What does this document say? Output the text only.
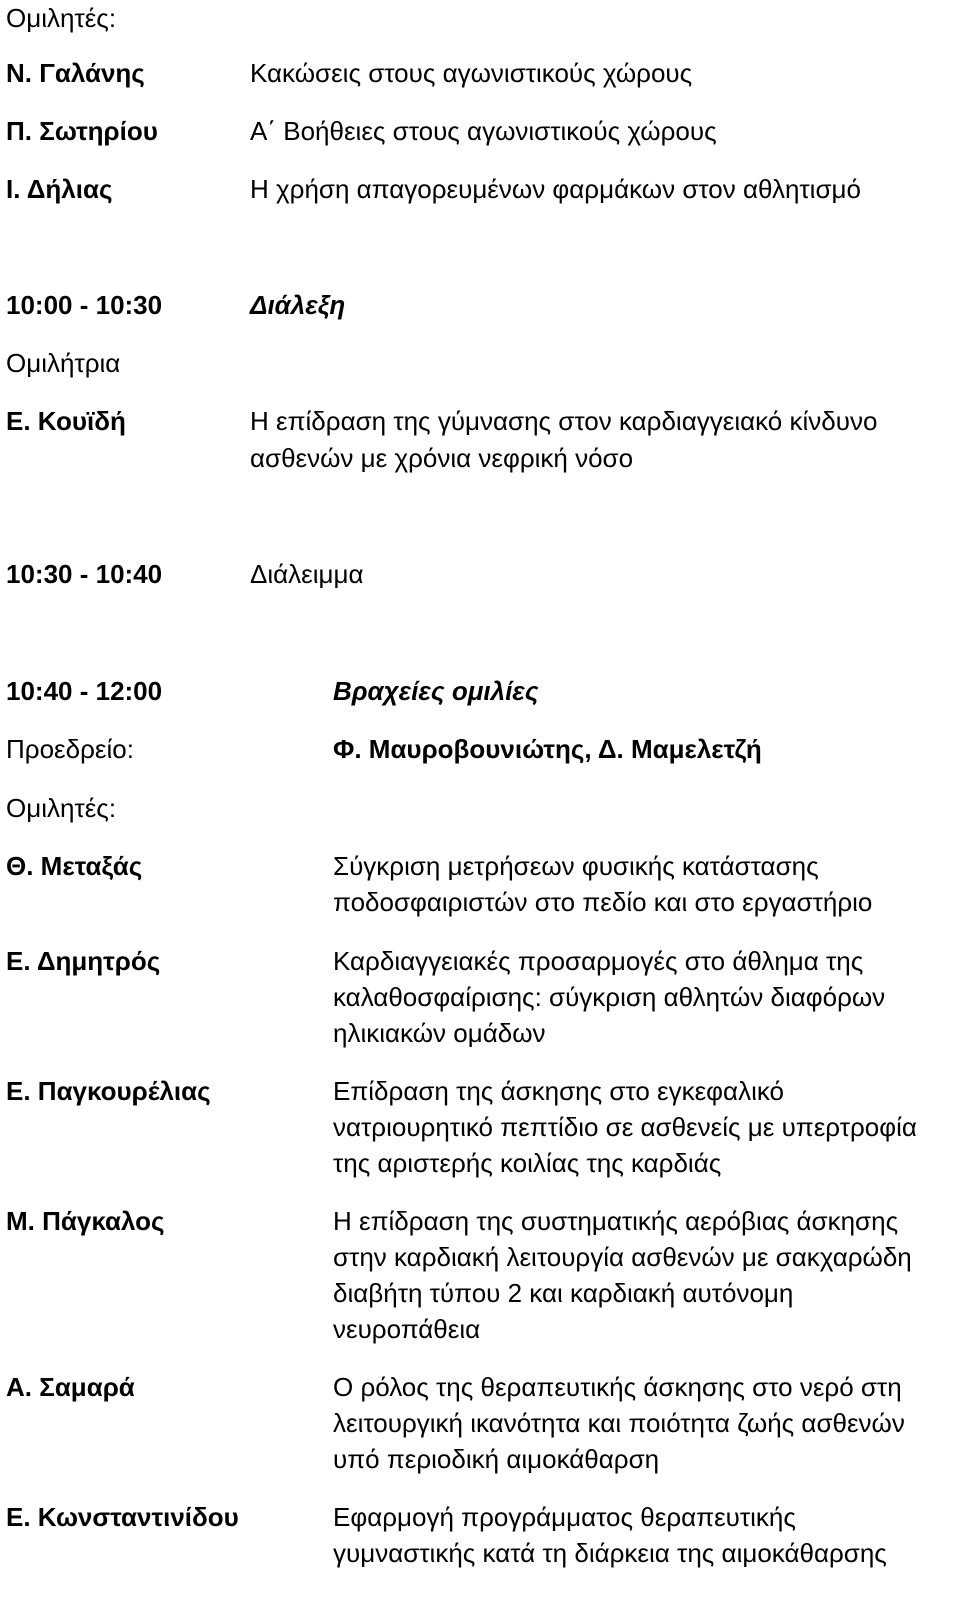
Ομιλητές:
Ν. Γαλάνης	Κακώσεις στους αγωνιστικούς χώρους
Π. Σωτηρίου	Α΄ Βοήθειες στους αγωνιστικούς χώρους
Ι. Δήλιας	Η χρήση απαγορευμένων φαρμάκων στον αθλητισμό
10:00 - 10:30	Διάλεξη
Ομιλήτρια
Ε. Κουϊδή	Η επίδραση της γύμνασης στον καρδιαγγειακό κίνδυνο
ασθενών με χρόνια νεφρική νόσο
10:30 - 10:40	Διάλειμμα
10:40 - 12:00	Βραχείες ομιλίες
Προεδρείο:	Φ. Μαυροβουνιώτης, Δ. Μαμελετζή
Ομιλητές:
Θ. Μεταξάς	Σύγκριση μετρήσεων φυσικής κατάστασης
ποδοσφαιριστών στο πεδίο και στο εργαστήριο
Ε. Δημητρός	Καρδιαγγειακές προσαρμογές στο άθλημα της
καλαθοσφαίρισης: σύγκριση αθλητών διαφόρων
ηλικιακών ομάδων
Ε. Παγκουρέλιας	Επίδραση της άσκησης στο εγκεφαλικό
νατριουρητικό πεπτίδιο σε ασθενείς με υπερτροφία
της αριστερής κοιλίας της καρδιάς
Μ. Πάγκαλος	Η επίδραση της συστηματικής αερόβιας άσκησης
στην καρδιακή λειτουργία ασθενών με σακχαρώδη
διαβήτη τύπου 2 και καρδιακή αυτόνομη
νευροπάθεια
Α. Σαμαρά	Ο ρόλος της θεραπευτικής άσκησης στο νερό στη
λειτουργική ικανότητα και ποιότητα ζωής ασθενών
υπό περιοδική αιμοκάθαρση
Ε. Κωνσταντινίδου	Εφαρμογή προγράμματος θεραπευτικής
γυμναστικής κατά τη διάρκεια της αιμοκάθαρσης
